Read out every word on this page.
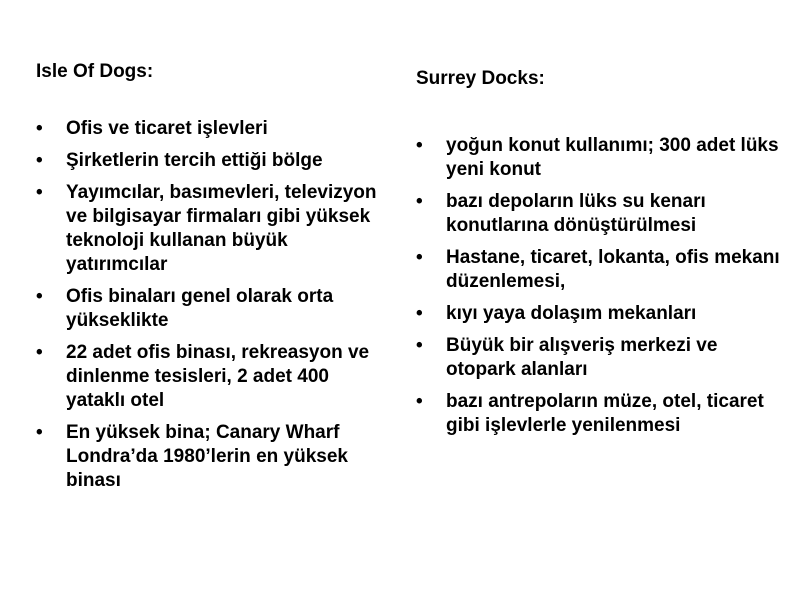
Isle Of Dogs:

• Ofis ve ticaret işlevleri
• Şirketlerin tercih ettiği bölge
• Yayımcılar, basımevleri, televizyon ve bilgisayar firmaları gibi yüksek teknoloji kullanan büyük yatırımcılar
• Ofis binaları genel olarak orta yükseklikte
• 22 adet ofis binası, rekreasyon ve dinlenme tesisleri, 2 adet 400 yataklı otel
• En yüksek bina; Canary Wharf Londra’da 1980’lerin en yüksek binası

Surrey Docks:

• yoğun konut kullanımı; 300 adet lüks yeni konut
• bazı depoların lüks su kenarı konutlarına dönüştürülmesi
• Hastane, ticaret, lokanta, ofis mekanı düzenlemesi,
• kıyı yaya dolaşım mekanları
• Büyük bir alışveriş merkezi ve otopark alanları
• bazı antrepoların müze, otel, ticaret gibi işlevlerle yenilenmesi
